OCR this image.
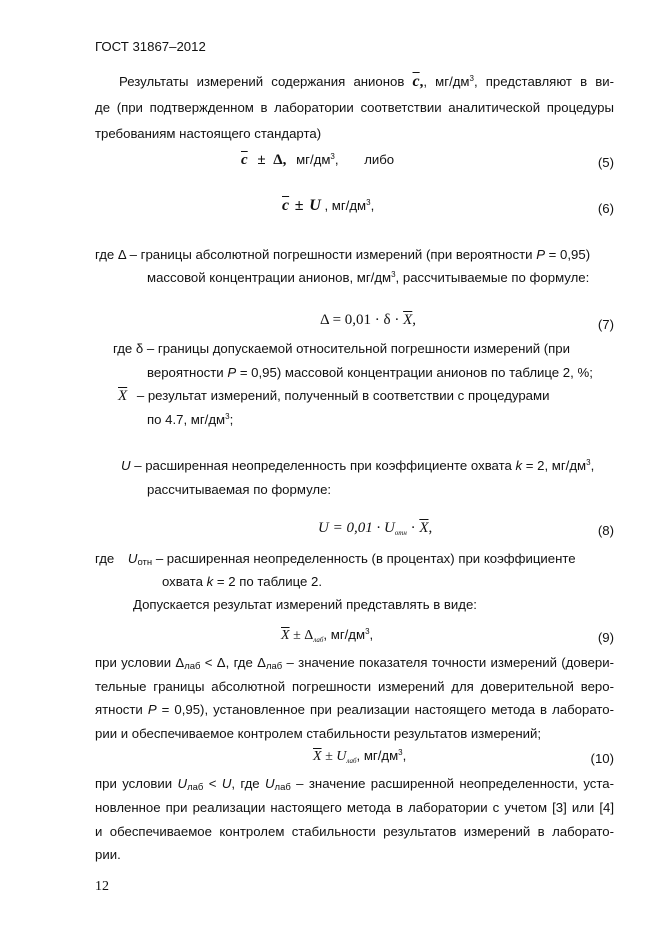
ГОСТ 31867–2012
Результаты измерений содержания анионов $\overline{c}$,, $мг/дм^3$, представляют в ви-
де (при подтвержденном в лаборатории соответствии аналитической процедуры
требованиям настоящего стандарта)
$\overline{c} \pm \Delta$, $мг/дм^3$, либо	(5)
$\overline{c} \pm U$ , $мг/дм^3$,	(6)
где Δ – границы абсолютной погрешности измерений (при вероятности P = 0,95)
массовой концентрации анионов, $мг/дм^3$, рассчитываемые по формуле:
$\Delta = 0,01 \cdot \delta \cdot \overline{X}$,	(7)
где δ – границы допускаемой относительной погрешности измерений (при
вероятности P = 0,95) массовой концентрации анионов по таблице 2, %;
$\overline{X}$ – результат измерений, полученный в соответствии с процедурами
по 4.7, $мг/дм^3$;
U – расширенная неопределенность при коэффициенте охвата k = 2, $мг/дм^3$,
рассчитываемая по формуле:
$U = 0,01 \cdot U_{отн} \cdot \overline{X}$,	(8)
где Uотн – расширенная неопределенность (в процентах) при коэффициенте
охвата k = 2 по таблице 2.
Допускается результат измерений представлять в виде:
$\overline{X} \pm \Delta_{лаб}$, $мг/дм^3$,	(9)
при условии Δлаб < Δ, где Δлаб – значение показателя точности измерений (довери-
тельные границы абсолютной погрешности измерений для доверительной веро-
ятности P = 0,95), установленное при реализации настоящего метода в лаборато-
рии и обеспечиваемое контролем стабильности результатов измерений;
$\overline{X} \pm U_{лаб}$, $мг/дм^3$,	(10)
при условии Uлаб < U, где Uлаб – значение расширенной неопределенности, уста-
новленное при реализации настоящего метода в лаборатории с учетом [3] или [4]
и обеспечиваемое контролем стабильности результатов измерений в лаборато-
рии.
12
